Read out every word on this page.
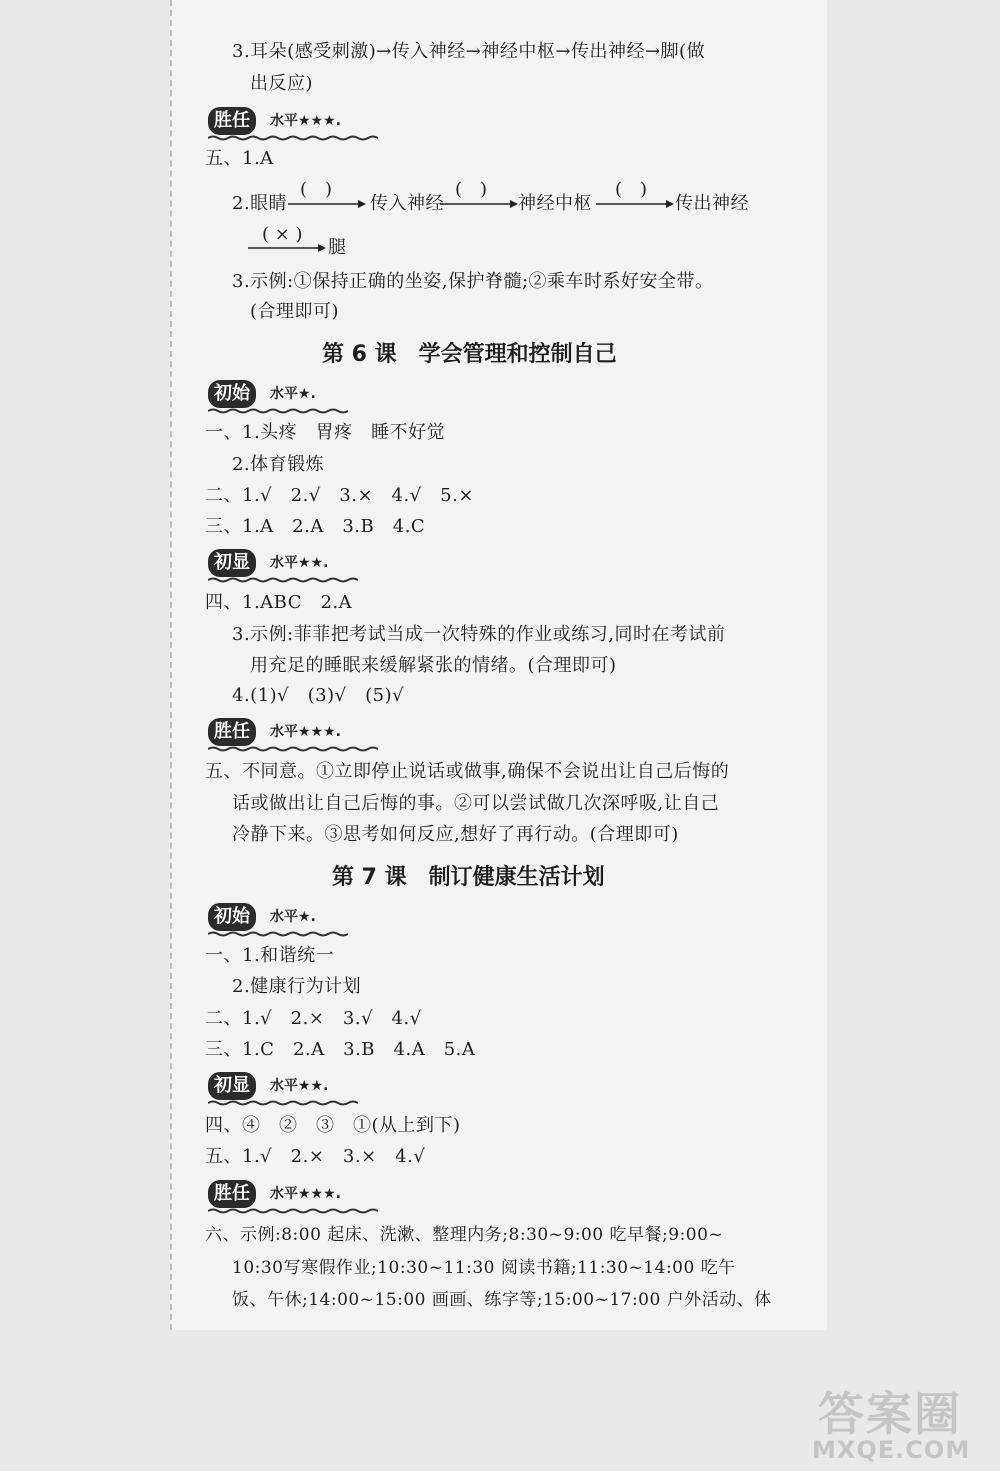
3.耳朵(感受刺激)→传入神经→神经中枢→传出神经→脚(做
出反应)
胜任	水平★★★.
五、1.A
2.眼睛
(　)
传入神经
(　)
神经中枢
(　)
传出神经
( × )
腿
3.示例:①保持正确的坐姿,保护脊髓;②乘车时系好安全带。
(合理即可)
第 6 课 学会管理和控制自己
初始	水平★.
一、1.头疼　胃疼　睡不好觉
2.体育锻炼
二、1.√　2.√　3.×　4.√　5.×
三、1.A　2.A　3.B　4.C
初显	水平★★.
四、1.ABC　2.A
3.示例:菲菲把考试当成一次特殊的作业或练习,同时在考试前
用充足的睡眠来缓解紧张的情绪。(合理即可)
4.(1)√　(3)√　(5)√
胜任	水平★★★.
五、不同意。①立即停止说话或做事,确保不会说出让自己后悔的
话或做出让自己后悔的事。②可以尝试做几次深呼吸,让自己
冷静下来。③思考如何反应,想好了再行动。(合理即可)
第 7 课 制订健康生活计划
初始	水平★.
一、1.和谐统一
2.健康行为计划
二、1.√　2.×　3.√　4.√
三、1.C　2.A　3.B　4.A　5.A
初显	水平★★.
四、④　②　③　①(从上到下)
五、1.√　2.×　3.×　4.√
胜任	水平★★★.
六、示例:8:00 起床、洗漱、整理内务;8:30~9:00 吃早餐;9:00~
10:30写寒假作业;10:30~11:30 阅读书籍;11:30~14:00 吃午
饭、午休;14:00~15:00 画画、练字等;15:00~17:00 户外活动、体
答案圈
MXQE.COM
